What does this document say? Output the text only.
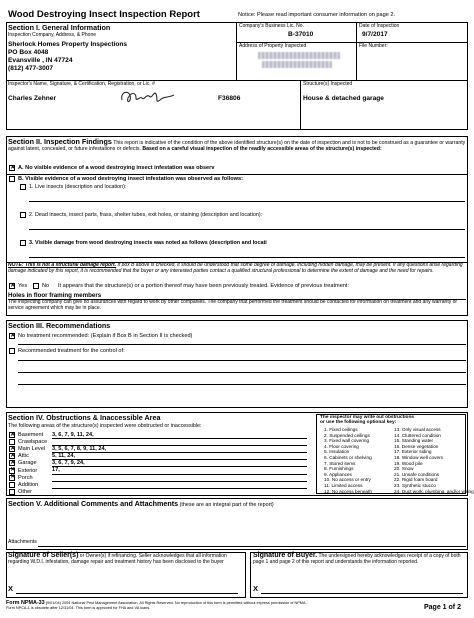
Wood Destroying Insect Inspection Report	Notice: Please read important consumer information on page 2.
Section I. General Information
Inspection Company, Address, & Phone
Sherlock Homes Property Inspections
PO Box 4048
Evansville , IN 47724
(812) 477-3007
Company's Business Lic. No.
B-37010
Date of Inspection
9/7/2017
Address of Property Inspected	File Number:
Inspector's Name, Signature, & Certification, Registration, or Lic. #	Structure(s) Inspected
Charles Zehner	F36806	House & detached garage
Section II. Inspection Findings This report is indicative of the condition of the above identified structure(s) on the date of inspection and is not to be construed as a guarantee or warranty against latent, concealed, or future infestations or defects. Based on a careful visual inspection of the readily accessible areas of the structure(s) inspected:
✕
A. No visible evidence of a wood destroying insect infestation was observ
B. Visible evidence of a wood destroying insect infestation was observed as follows:
1. Live insects (description and location):
2. Dead insects, insect parts, frass, shelter tubes, exit holes, or staining (description and location):
3. Visible damage from wood destroying insects was noted as follows (description and locati
NOTE: This is not a structural damage report. If box B above is checked, it should be understood that some degree of damage, including hidden damage, may be present. If any questions arise regarding damage indicated by this report, it is recommended that the buyer or any interested parties contact a qualified structural professional to determine the extent of damage and the need for repairs.
✕
Yes	No It appears that the structure(s) or a portion thereof may have been previously treated. Evidence of previous treatment:
Holes in floor framing members
The inspecting company can give no assurances with regard to work by other companies. The company that performed the treatment should be contacted for information on treatment and any warranty or service agreement which may be in place.
Section III. Recommendations
✕
No treatment recommended: (Explain if Box B in Section II is checked)
Recommended treatment for the control of:
Section IV. Obstructions & Inaccessible Area
The following areas of the structure(s) inspected were obstructed or inaccessible:
✕
Basement 3, 6, 7, 9, 11, 24,
Crawlspace
✕
Main Level 3, 5, 6, 7, 8, 9, 11, 24,
✕
Attic	5, 11, 24,
✕
Garage	3, 6, 7, 9, 24,
✕
Exterior	17,
✕
Porch
Addition
Other
The inspector may write out obstructions
or use the following optional key:
1. Fixed ceilings
2. Suspended ceilings
3. Fixed wall covering
4. Floor covering
5. Insulation
6. Cabinets or shelving
7. Stored items
8. Furnishings
9. Appliances
10. No access or entry
11. Limited access
12. No access beneath
13. Only visual access
14. Cluttered condition
15. Standing water
16. Dense vegetation
17. Exterior siding
18. Window well covers
19. Wood pile
20. Snow
21. Unsafe conditions
22. Rigid foam board
23. Synthetic stucco
24. Duct work, plumbing, and/or wiring
Section V. Additional Comments and Attachments (these are an integral part of the report)
Attachments
Signature of Seller(s) or Owner(s) if refinancing. Seller acknowledges that all information regarding W.D.I. infestation, damage repair and treatment history has been disclosed to the buyer
X
Signature of Buyer. The undersigned hereby acknowledges receipt of a copy of both page 1 and page 2 of this report and understands the information reported.
X
Form NPMA-33 (9/01/04) 2004 National Pest Management Association. All Rights Reserved. No reproduction of this form is permitted without express permission of NPMA.
Form NPCA-1 is obsolete after 12/31/04. This form is approved for FHA and VA loans.	Page 1 of 2
